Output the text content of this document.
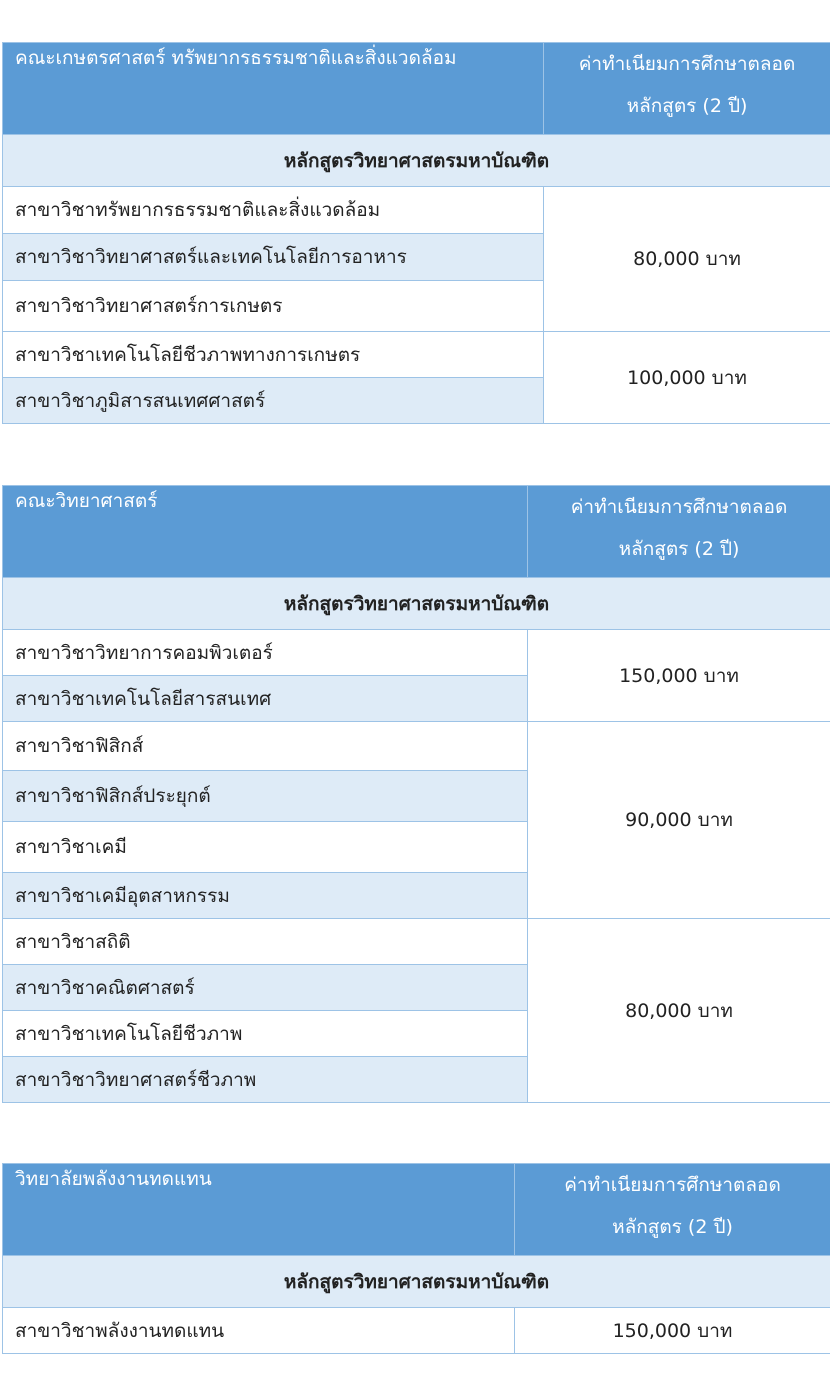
คณะเกษตรศาสตร์ ทรัพยากรธรรมชาติและสิ่งแวดล้อม	ค่าทำเนียมการศึกษาตลอด
หลักสูตร (2 ปี)

หลักสูตรวิทยาศาสตรมหาบัณฑิต	
สาขาวิชาทรัพยากรธรรมชาติและสิ่งแวดล้อม	80,000 บาท
สาขาวิชาวิทยาศาสตร์และเทคโนโลยีการอาหาร	
สาขาวิชาวิทยาศาสตร์การเกษตร	
สาขาวิชาเทคโนโลยีชีวภาพทางการเกษตร	100,000 บาท
สาขาวิชาภูมิสารสนเทศศาสตร์	
คณะวิทยาศาสตร์	ค่าทำเนียมการศึกษาตลอด
หลักสูตร (2 ปี)

หลักสูตรวิทยาศาสตรมหาบัณฑิต	
สาขาวิชาวิทยาการคอมพิวเตอร์	150,000 บาท
สาขาวิชาเทคโนโลยีสารสนเทศ	
สาขาวิชาฟิสิกส์	90,000 บาท
สาขาวิชาฟิสิกส์ประยุกต์	
สาขาวิชาเคมี	
สาขาวิชาเคมีอุตสาหกรรม	
สาขาวิชาสถิติ	80,000 บาท
สาขาวิชาคณิตศาสตร์	
สาขาวิชาเทคโนโลยีชีวภาพ	
สาขาวิชาวิทยาศาสตร์ชีวภาพ	
วิทยาลัยพลังงานทดแทน	ค่าทำเนียมการศึกษาตลอด
หลักสูตร (2 ปี)

หลักสูตรวิทยาศาสตรมหาบัณฑิต	
สาขาวิชาพลังงานทดแทน	150,000 บาท
